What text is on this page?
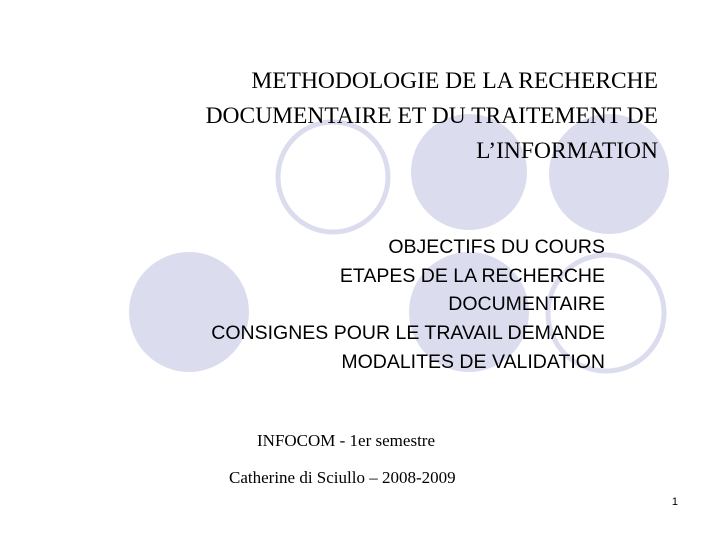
METHODOLOGIE DE LA RECHERCHE
DOCUMENTAIRE ET DU TRAITEMENT DE
L’INFORMATION
OBJECTIFS DU COURS
ETAPES DE LA RECHERCHE
DOCUMENTAIRE
CONSIGNES POUR LE TRAVAIL DEMANDE
MODALITES DE VALIDATION
INFOCOM - 1er semestre
Catherine di Sciullo – 2008-2009
1
